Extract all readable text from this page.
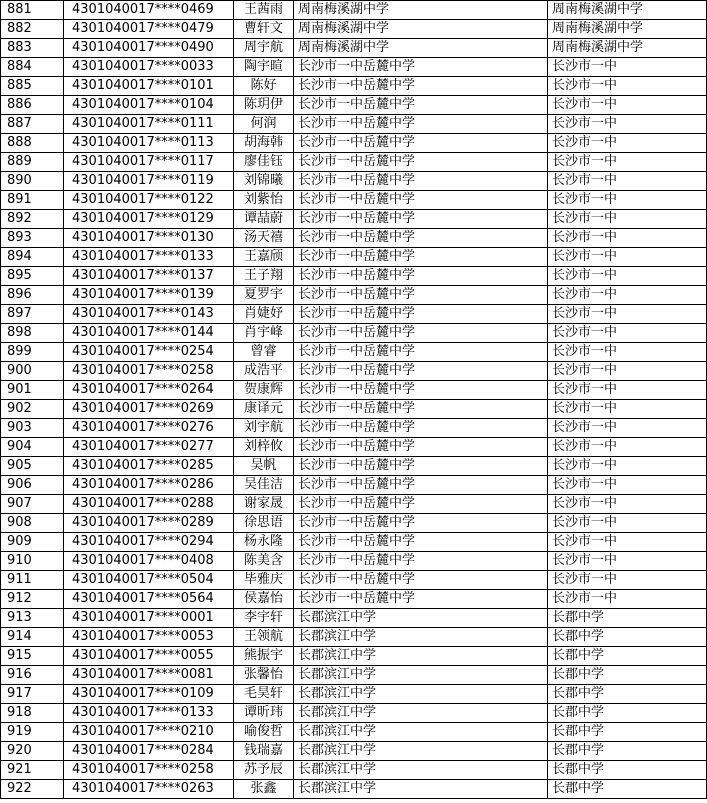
881	4301040017****0469	王茜雨	周南梅溪湖中学	周南梅溪湖中学
882	4301040017****0479	曹轩文	周南梅溪湖中学	周南梅溪湖中学
883	4301040017****0490	周宇航	周南梅溪湖中学	周南梅溪湖中学
884	4301040017****0033	陶宇暄	长沙市一中岳麓中学	长沙市一中
885	4301040017****0101	陈好	长沙市一中岳麓中学	长沙市一中
886	4301040017****0104	陈玥伊	长沙市一中岳麓中学	长沙市一中
887	4301040017****0111	何润	长沙市一中岳麓中学	长沙市一中
888	4301040017****0113	胡海韩	长沙市一中岳麓中学	长沙市一中
889	4301040017****0117	廖佳钰	长沙市一中岳麓中学	长沙市一中
890	4301040017****0119	刘锦曦	长沙市一中岳麓中学	长沙市一中
891	4301040017****0122	刘紫怡	长沙市一中岳麓中学	长沙市一中
892	4301040017****0129	谭喆蔚	长沙市一中岳麓中学	长沙市一中
893	4301040017****0130	汤天禧	长沙市一中岳麓中学	长沙市一中
894	4301040017****0133	王嘉颀	长沙市一中岳麓中学	长沙市一中
895	4301040017****0137	王子翔	长沙市一中岳麓中学	长沙市一中
896	4301040017****0139	夏罗宇	长沙市一中岳麓中学	长沙市一中
897	4301040017****0143	肖婕妤	长沙市一中岳麓中学	长沙市一中
898	4301040017****0144	肖宇峰	长沙市一中岳麓中学	长沙市一中
899	4301040017****0254	曾睿	长沙市一中岳麓中学	长沙市一中
900	4301040017****0258	成浩平	长沙市一中岳麓中学	长沙市一中
901	4301040017****0264	贺康辉	长沙市一中岳麓中学	长沙市一中
902	4301040017****0269	康译元	长沙市一中岳麓中学	长沙市一中
903	4301040017****0276	刘宇航	长沙市一中岳麓中学	长沙市一中
904	4301040017****0277	刘梓攸	长沙市一中岳麓中学	长沙市一中
905	4301040017****0285	吴帆	长沙市一中岳麓中学	长沙市一中
906	4301040017****0286	吴佳洁	长沙市一中岳麓中学	长沙市一中
907	4301040017****0288	谢家晟	长沙市一中岳麓中学	长沙市一中
908	4301040017****0289	徐思语	长沙市一中岳麓中学	长沙市一中
909	4301040017****0294	杨永隆	长沙市一中岳麓中学	长沙市一中
910	4301040017****0408	陈美含	长沙市一中岳麓中学	长沙市一中
911	4301040017****0504	毕雅庆	长沙市一中岳麓中学	长沙市一中
912	4301040017****0564	侯嘉怡	长沙市一中岳麓中学	长沙市一中
913	4301040017****0001	李宇轩	长郡滨江中学	长郡中学
914	4301040017****0053	王领航	长郡滨江中学	长郡中学
915	4301040017****0055	熊振宇	长郡滨江中学	长郡中学
916	4301040017****0081	张馨怡	长郡滨江中学	长郡中学
917	4301040017****0109	毛昊轩	长郡滨江中学	长郡中学
918	4301040017****0133	谭昕玮	长郡滨江中学	长郡中学
919	4301040017****0210	喻俊哲	长郡滨江中学	长郡中学
920	4301040017****0284	钱瑞嘉	长郡滨江中学	长郡中学
921	4301040017****0258	苏予辰	长郡滨江中学	长郡中学
922	4301040017****0263	张鑫	长郡滨江中学	长郡中学
